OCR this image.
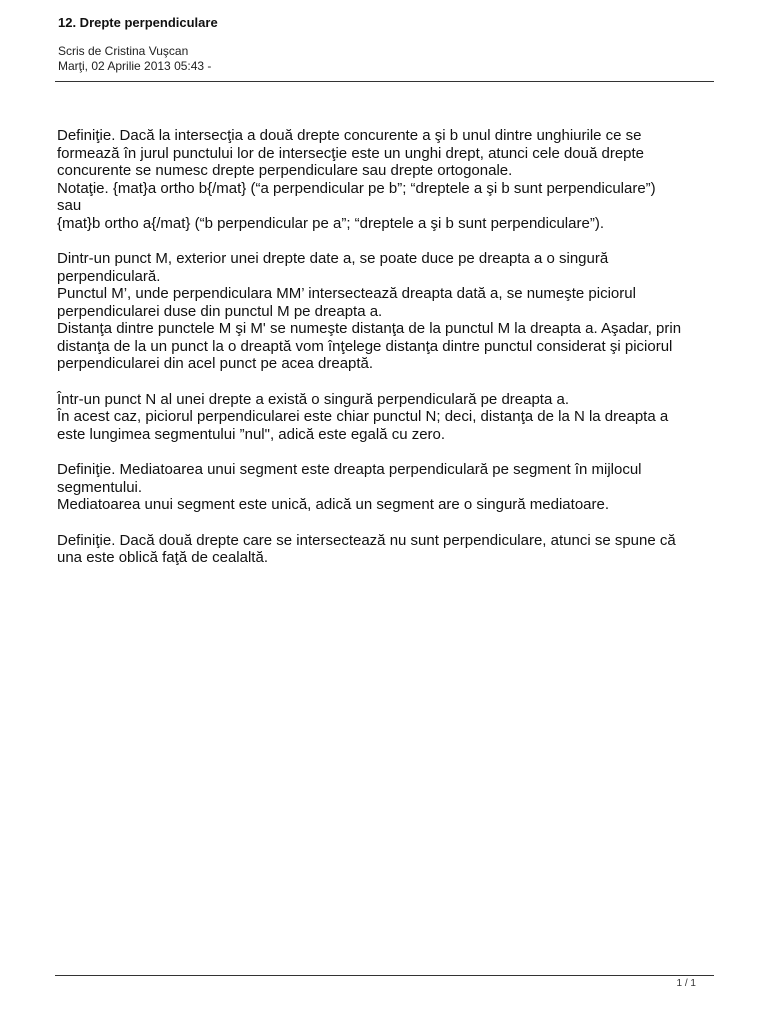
12. Drepte perpendiculare
Scris de Cristina Vuşcan
Marţi, 02 Aprilie 2013 05:43 -

Definiţie. Dacă la intersecţia a două drepte concurente a şi b unul dintre unghiurile ce se
formează în jurul punctului lor de intersecţie este un unghi drept, atunci cele două drepte
concurente se numesc drepte perpendiculare sau drepte ortogonale.
Notaţie. {mat}a ortho b{/mat} (“a perpendicular pe b”; “dreptele a şi b sunt perpendiculare”)
sau
{mat}b ortho a{/mat} (“b perpendicular pe a”; “dreptele a şi b sunt perpendiculare”).

Dintr-un punct M, exterior unei drepte date a, se poate duce pe dreapta a o singură
perpendiculară.
Punctul M’, unde perpendiculara MM’ intersectează dreapta dată a, se numeşte piciorul
perpendicularei duse din punctul M pe dreapta a.
Distanţa dintre punctele M şi M' se numeşte distanţa de la punctul M la dreapta a. Aşadar, prin
distanţa de la un punct la o dreaptă vom înţelege distanţa dintre punctul considerat şi piciorul
perpendicularei din acel punct pe acea dreaptă.

Într-un punct N al unei drepte a există o singură perpendiculară pe dreapta a.
În acest caz, piciorul perpendicularei este chiar punctul N; deci, distanţa de la N la dreapta a
este lungimea segmentului ”nul", adică este egală cu zero.

Definiţie. Mediatoarea unui segment este dreapta perpendiculară pe segment în mijlocul
segmentului.
Mediatoarea unui segment este unică, adică un segment are o singură mediatoare.

Definiţie. Dacă două drepte care se intersectează nu sunt perpendiculare, atunci se spune că
una este oblică faţă de cealaltă.

1 / 1
